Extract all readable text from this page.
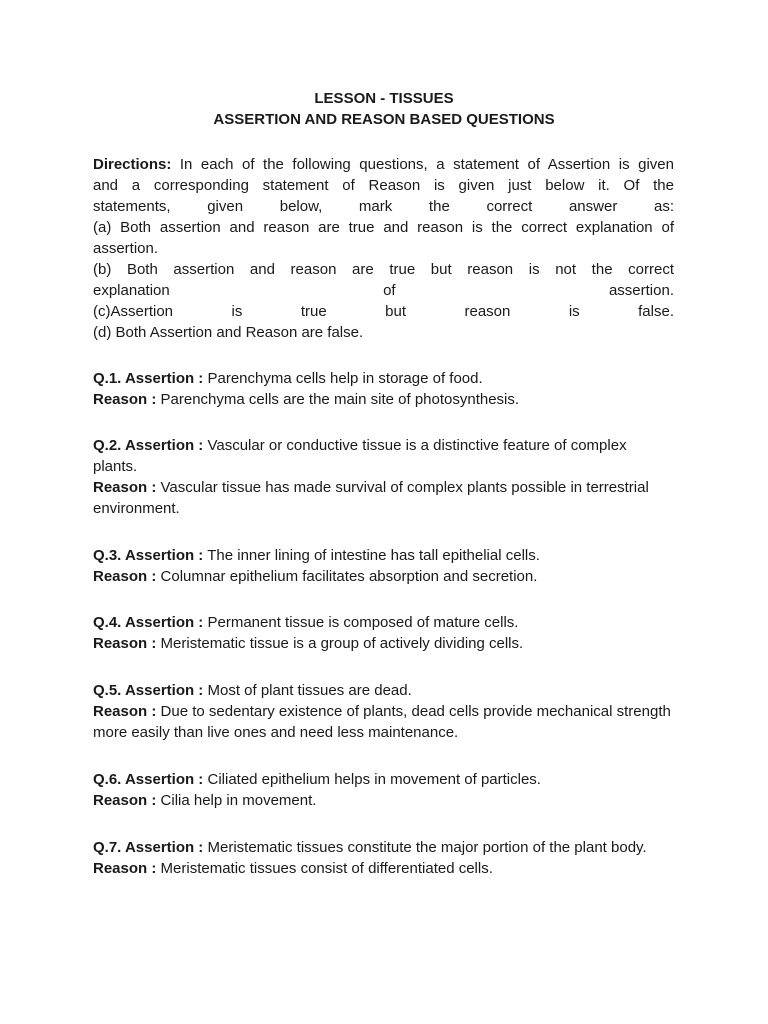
LESSON - TISSUES
ASSERTION AND REASON BASED QUESTIONS
Directions: In each of the following questions, a statement of Assertion is given
and a corresponding statement of Reason is given just below it. Of the
statements, given below, mark the correct answer as:
(a) Both assertion and reason are true and reason is the correct explanation of
assertion.
(b) Both assertion and reason are true but reason is not the correct
explanation of assertion.
(c)Assertion is true but reason is false.
(d) Both Assertion and Reason are false.
Q.1. Assertion : Parenchyma cells help in storage of food.
Reason : Parenchyma cells are the main site of photosynthesis.
Q.2. Assertion : Vascular or conductive tissue is a distinctive feature of complex plants.
Reason : Vascular tissue has made survival of complex plants possible in terrestrial environment.
Q.3. Assertion : The inner lining of intestine has tall epithelial cells.
Reason : Columnar epithelium facilitates absorption and secretion.
Q.4. Assertion : Permanent tissue is composed of mature cells.
Reason : Meristematic tissue is a group of actively dividing cells.
Q.5. Assertion : Most of plant tissues are dead.
Reason : Due to sedentary existence of plants, dead cells provide mechanical strength more easily than live ones and need less maintenance.
Q.6. Assertion : Ciliated epithelium helps in movement of particles.
Reason : Cilia help in movement.
Q.7. Assertion : Meristematic tissues constitute the major portion of the plant body.
Reason : Meristematic tissues consist of differentiated cells.
